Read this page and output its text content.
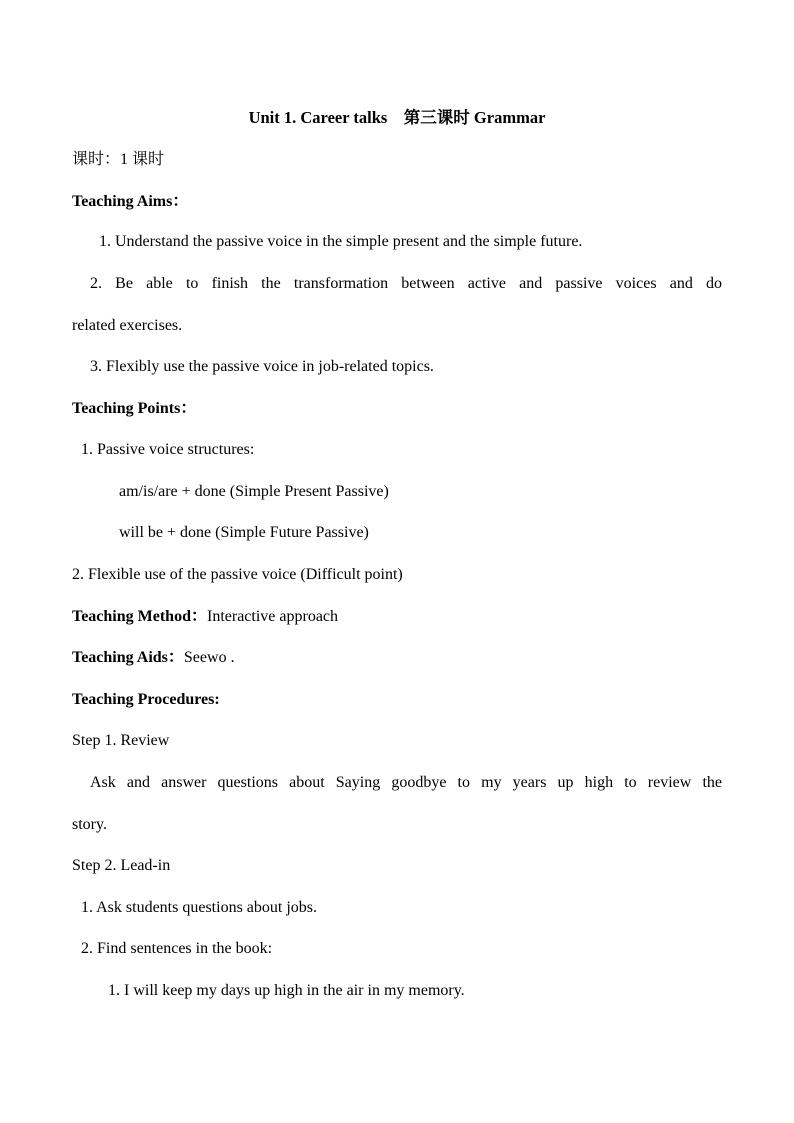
Unit 1. Career talks　第三课时 Grammar
课时：1 课时
Teaching Aims：
1. Understand the passive voice in the simple present and the simple future.
2. Be able to finish the transformation between active and passive voices and do
related exercises.
3. Flexibly use the passive voice in job-related topics.
Teaching Points：
1. Passive voice structures:
am/is/are + done (Simple Present Passive)
will be + done (Simple Future Passive)
2. Flexible use of the passive voice (Difficult point)
Teaching Method：Interactive approach
Teaching Aids：Seewo .
Teaching Procedures:
Step 1. Review
Ask and answer questions about Saying goodbye to my years up high to review the
story.
Step 2. Lead-in
1. Ask students questions about jobs.
2. Find sentences in the book:
1. I will keep my days up high in the air in my memory.
